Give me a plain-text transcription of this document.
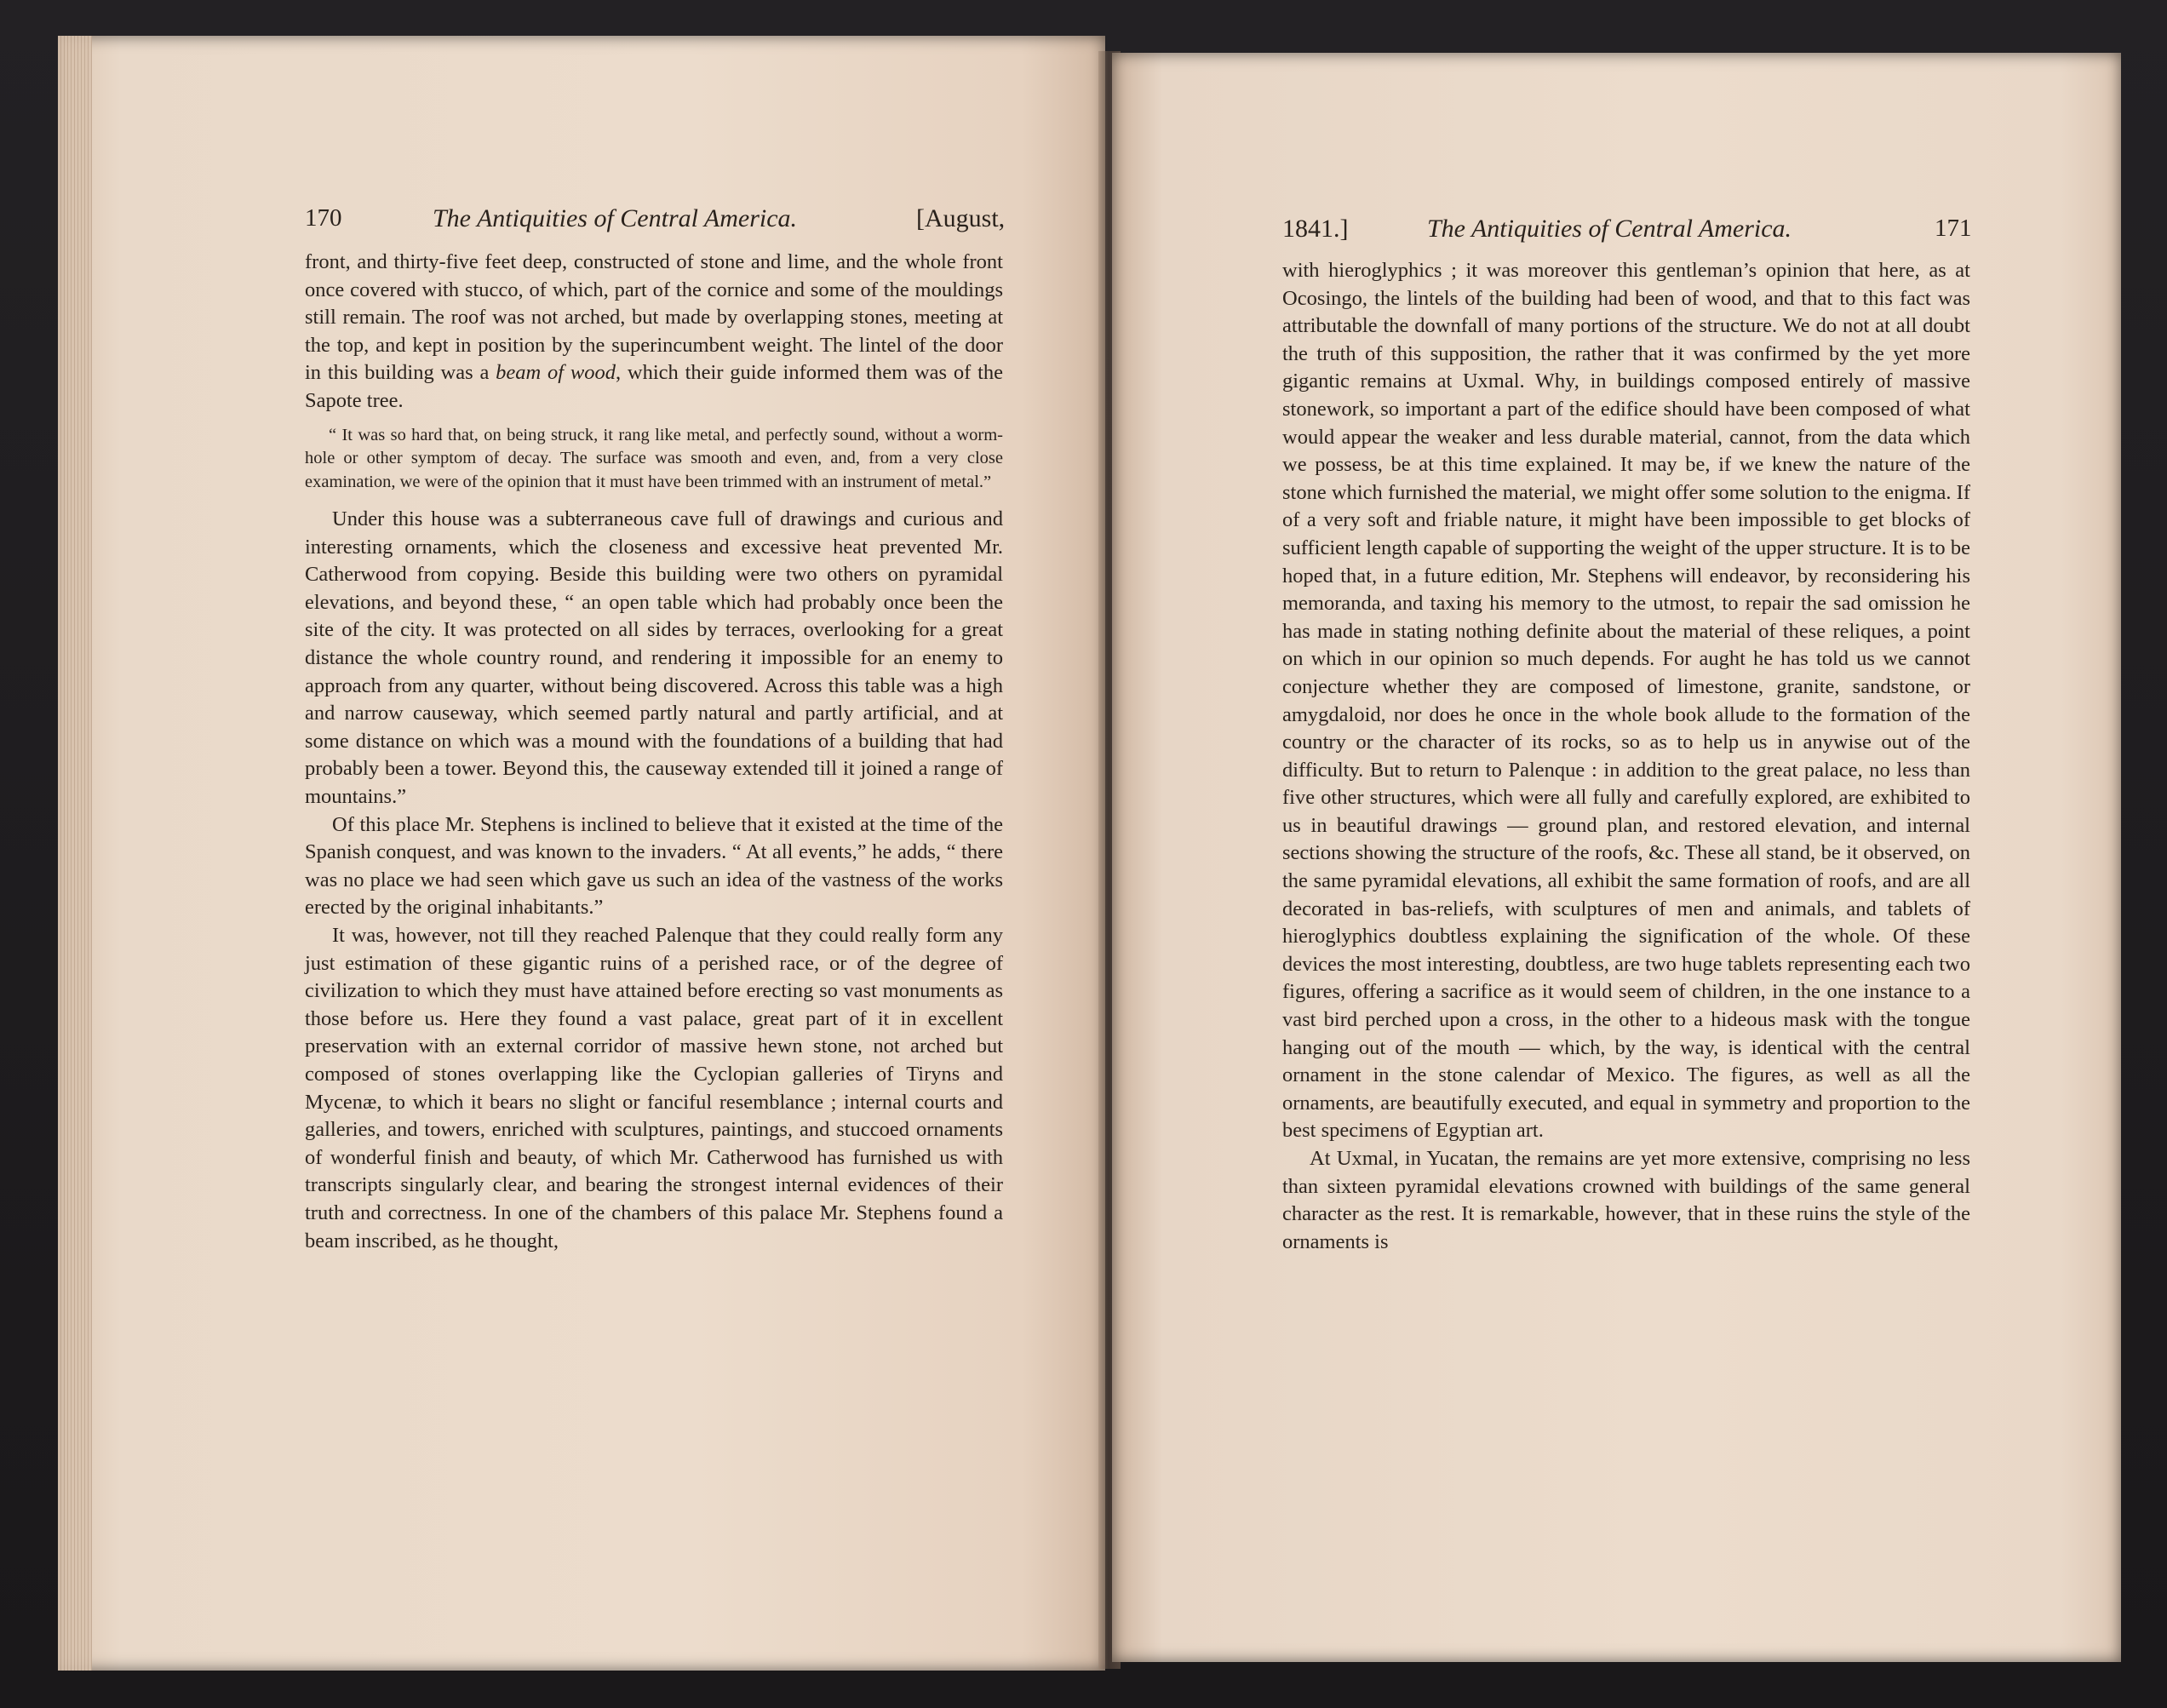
170	The Antiquities of Central America.	[August,

front, and thirty-five feet deep, constructed of stone and lime, and the whole front once covered with stucco, of which, part of the cornice and some of the mouldings still remain. The roof was not arched, but made by overlapping stones, meeting at the top, and kept in position by the superincumbent weight. The lintel of the door in this building was a beam of wood, which their guide informed them was of the Sapote tree.

“ It was so hard that, on being struck, it rang like metal, and perfectly sound, without a worm-hole or other symptom of decay. The surface was smooth and even, and, from a very close examination, we were of the opinion that it must have been trimmed with an instrument of metal.”

Under this house was a subterraneous cave full of drawings and curious and interesting ornaments, which the closeness and excessive heat prevented Mr. Catherwood from copying. Beside this building were two others on pyramidal elevations, and beyond these, “ an open table which had probably once been the site of the city. It was protected on all sides by terraces, overlooking for a great distance the whole country round, and rendering it impossible for an enemy to approach from any quarter, without being discovered. Across this table was a high and narrow causeway, which seemed partly natural and partly artificial, and at some distance on which was a mound with the foundations of a building that had probably been a tower. Beyond this, the causeway extended till it joined a range of mountains.”

Of this place Mr. Stephens is inclined to believe that it existed at the time of the Spanish conquest, and was known to the invaders. “ At all events,” he adds, “ there was no place we had seen which gave us such an idea of the vastness of the works erected by the original inhabitants.”

It was, however, not till they reached Palenque that they could really form any just estimation of these gigantic ruins of a perished race, or of the degree of civilization to which they must have attained before erecting so vast monuments as those before us. Here they found a vast palace, great part of it in excellent preservation with an external corridor of massive hewn stone, not arched but composed of stones overlapping like the Cyclopian galleries of Tiryns and Mycenæ, to which it bears no slight or fanciful resemblance ; internal courts and galleries, and towers, enriched with sculptures, paintings, and stuccoed ornaments of wonderful finish and beauty, of which Mr. Catherwood has furnished us with transcripts singularly clear, and bearing the strongest internal evidences of their truth and correctness. In one of the chambers of this palace Mr. Stephens found a beam inscribed, as he thought,

1841.]	The Antiquities of Central America.	171

with hieroglyphics ; it was moreover this gentleman’s opinion that here, as at Ocosingo, the lintels of the building had been of wood, and that to this fact was attributable the downfall of many portions of the structure. We do not at all doubt the truth of this supposition, the rather that it was confirmed by the yet more gigantic remains at Uxmal. Why, in buildings composed entirely of massive stonework, so important a part of the edifice should have been composed of what would appear the weaker and less durable material, cannot, from the data which we possess, be at this time explained. It may be, if we knew the nature of the stone which furnished the material, we might offer some solution to the enigma. If of a very soft and friable nature, it might have been impossible to get blocks of sufficient length capable of supporting the weight of the upper structure. It is to be hoped that, in a future edition, Mr. Stephens will endeavor, by reconsidering his memoranda, and taxing his memory to the utmost, to repair the sad omission he has made in stating nothing definite about the material of these reliques, a point on which in our opinion so much depends. For aught he has told us we cannot conjecture whether they are composed of limestone, granite, sandstone, or amygdaloid, nor does he once in the whole book allude to the formation of the country or the character of its rocks, so as to help us in anywise out of the difficulty. But to return to Palenque : in addition to the great palace, no less than five other structures, which were all fully and carefully explored, are exhibited to us in beautiful drawings — ground plan, and restored elevation, and internal sections showing the structure of the roofs, &c. These all stand, be it observed, on the same pyramidal elevations, all exhibit the same formation of roofs, and are all decorated in bas-reliefs, with sculptures of men and animals, and tablets of hieroglyphics doubtless explaining the signification of the whole. Of these devices the most interesting, doubtless, are two huge tablets representing each two figures, offering a sacrifice as it would seem of children, in the one instance to a vast bird perched upon a cross, in the other to a hideous mask with the tongue hanging out of the mouth — which, by the way, is identical with the central ornament in the stone calendar of Mexico. The figures, as well as all the ornaments, are beautifully executed, and equal in symmetry and proportion to the best specimens of Egyptian art.

At Uxmal, in Yucatan, the remains are yet more extensive, comprising no less than sixteen pyramidal elevations crowned with buildings of the same general character as the rest. It is remarkable, however, that in these ruins the style of the ornaments is
